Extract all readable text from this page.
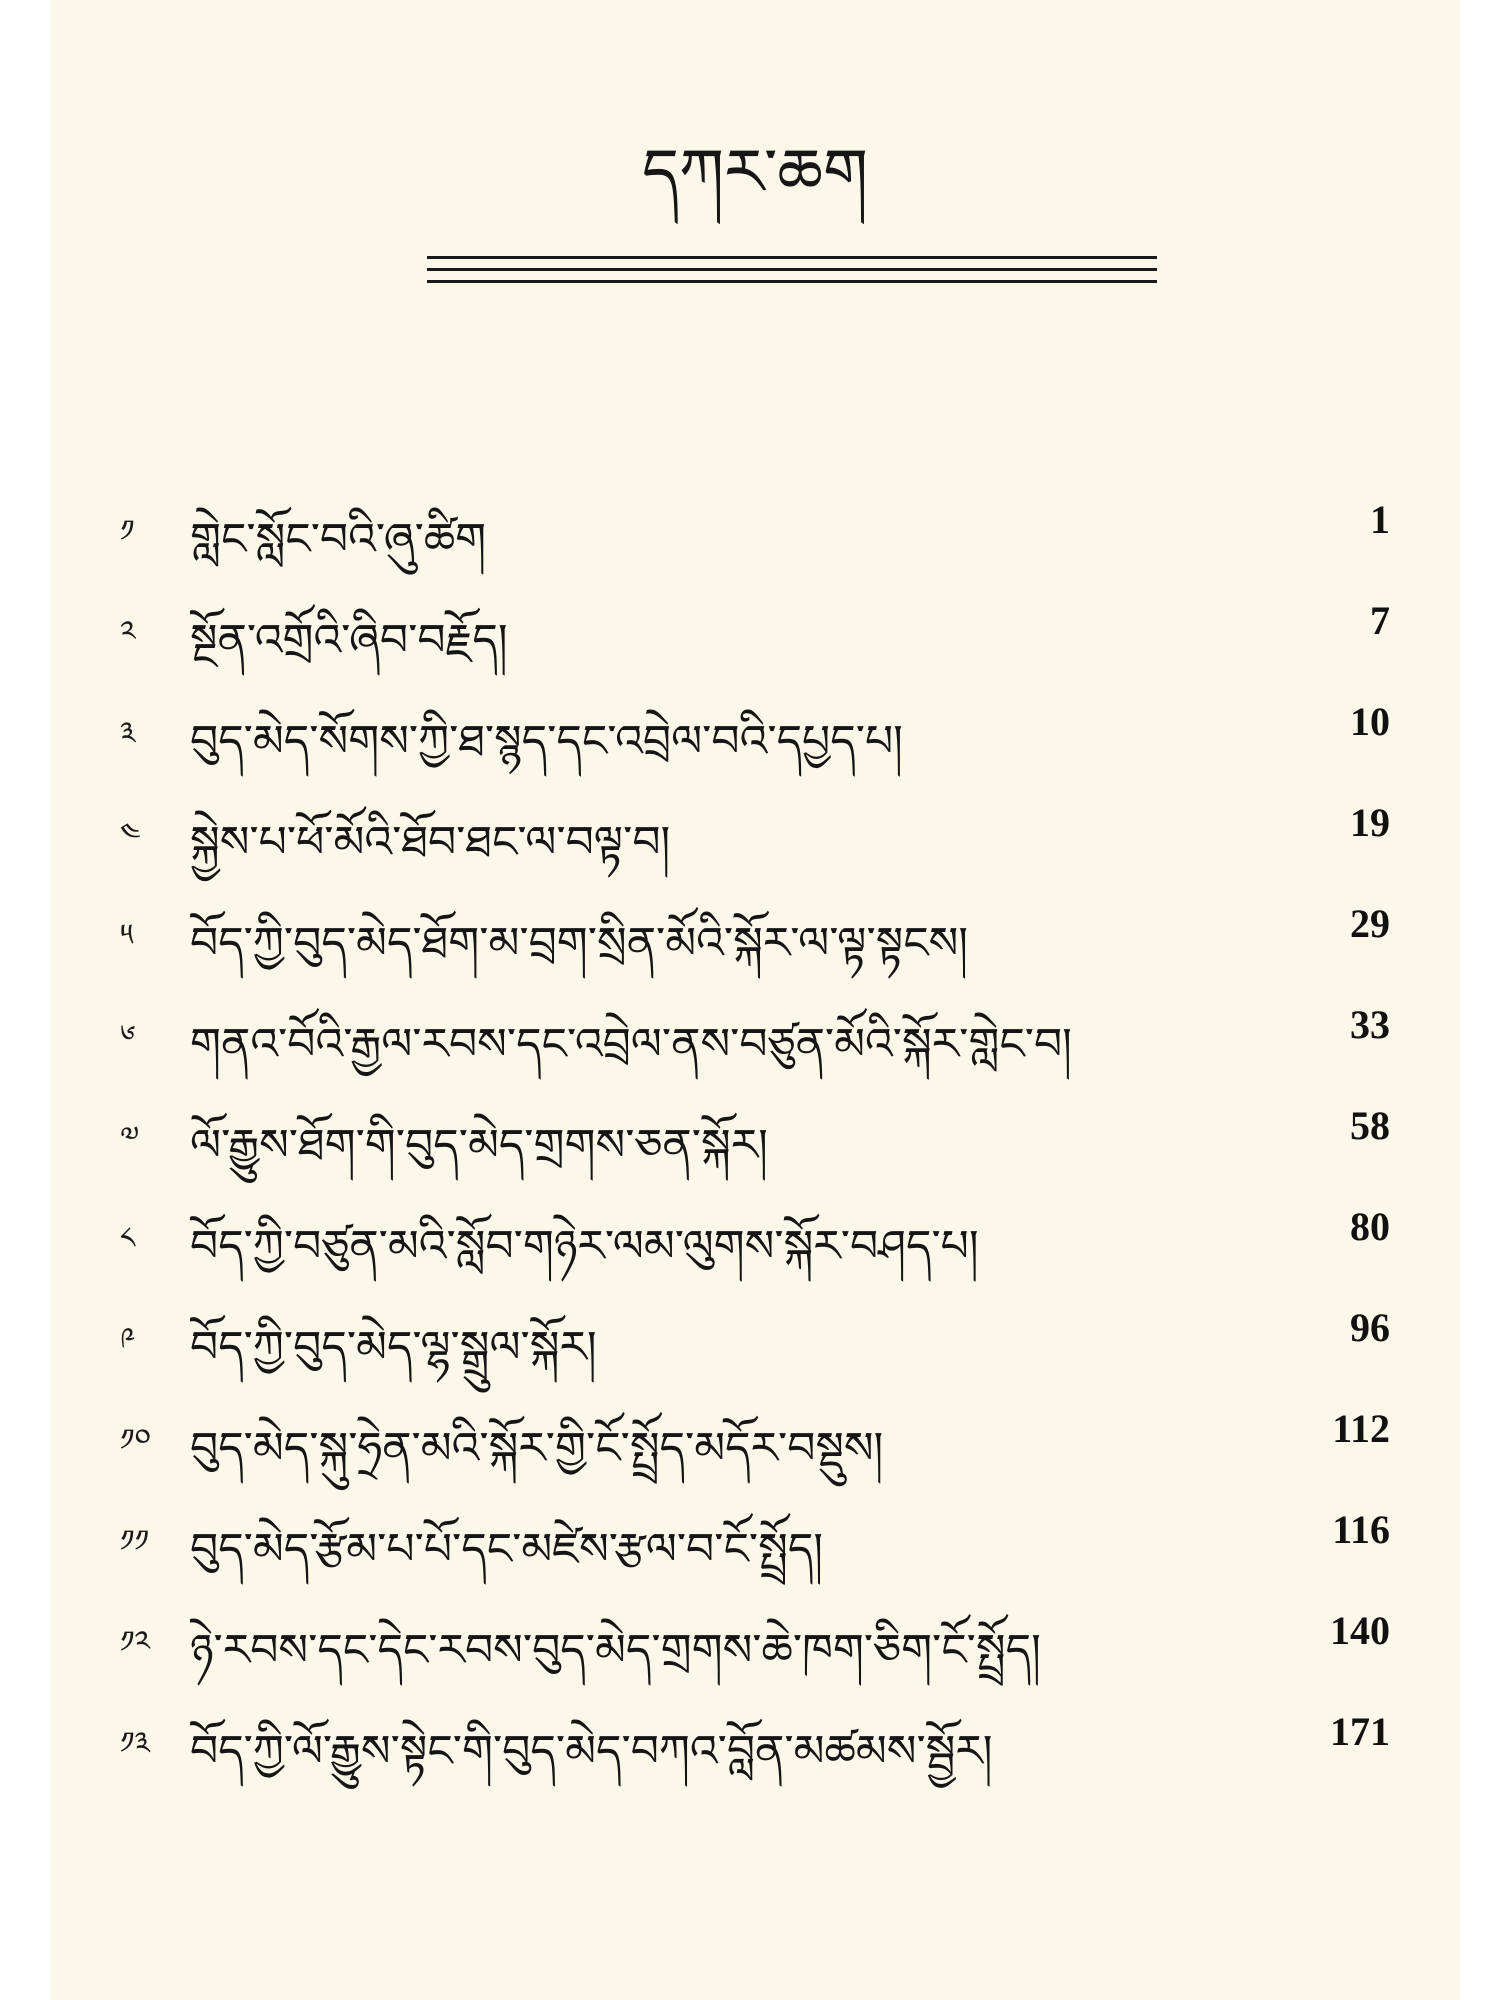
དཀར་ཆག
༡	གླེང་སློང་བའི་ཞུ་ཚིག	1
༢	སྔོན་འགྲོའི་ཞིབ་བརྗོད།	7
༣	བུད་མེད་སོགས་ཀྱི་ཐ་སྙད་དང་འབྲེལ་བའི་དཔྱད་པ།	10
༤	སྐྱེས་པ་ཕོ་མོའི་ཐོབ་ཐང་ལ་བལྟ་བ།	19
༥	བོད་ཀྱི་བུད་མེད་ཐོག་མ་བྲག་སྲིན་མོའི་སྐོར་ལ་ལྟ་སྟངས།	29
༦	གནའ་བོའི་རྒྱལ་རབས་དང་འབྲེལ་ནས་བཙུན་མོའི་སྐོར་གླེང་བ།	33
༧	ལོ་རྒྱུས་ཐོག་གི་བུད་མེད་གྲགས་ཅན་སྐོར།	58
༨	བོད་ཀྱི་བཙུན་མའི་སློབ་གཉེར་ལམ་ལུགས་སྐོར་བཤད་པ།	80
༩	བོད་ཀྱི་བུད་མེད་ལྷ་སྒྲུལ་སྐོར།	96
༡༠ བུད་མེད་སྐུ་ཧྲེན་མའི་སྐོར་གྱི་ངོ་སྤྲོད་མདོར་བསྡུས།	112
༡༡ བུད་མེད་རྩོམ་པ་པོ་དང་མཛེས་རྩལ་བ་ངོ་སྤྲོད།	116
༡༢ ཉེ་རབས་དང་དེང་རབས་བུད་མེད་གྲགས་ཆེ་ཁག་ཅིག་ངོ་སྤྲོད།	140
༡༣ བོད་ཀྱི་ལོ་རྒྱུས་སྟེང་གི་བུད་མེད་བཀའ་བློན་མཚམས་སྦྱོར།	171
